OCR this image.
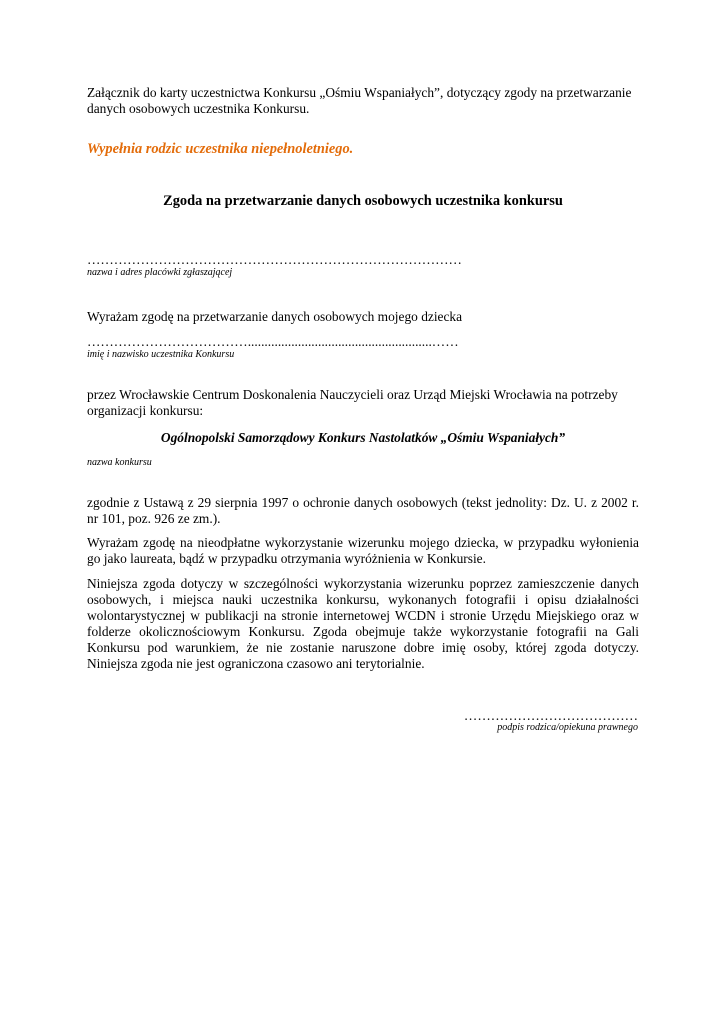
Załącznik do karty uczestnictwa Konkursu „Ośmiu Wspaniałych”, dotyczący zgody na przetwarzanie danych osobowych uczestnika Konkursu.

Wypełnia rodzic uczestnika niepełnoletniego.

Zgoda na przetwarzanie danych osobowych uczestnika konkursu

…………………………………………………………………………
nazwa i adres placówki zgłaszającej

Wyrażam zgodę na przetwarzanie danych osobowych mojego dziecka

……………………………….......................................................……
imię i nazwisko uczestnika Konkursu

przez Wrocławskie Centrum Doskonalenia Nauczycieli oraz Urząd Miejski Wrocławia na potrzeby organizacji konkursu:

Ogólnopolski Samorządowy Konkurs Nastolatków „Ośmiu Wspaniałych”

nazwa konkursu

zgodnie z Ustawą z 29 sierpnia 1997 o ochronie danych osobowych (tekst jednolity: Dz. U. z 2002 r. nr 101, poz. 926 ze zm.).

Wyrażam zgodę na nieodpłatne wykorzystanie wizerunku mojego dziecka, w przypadku wyłonienia go jako laureata, bądź w przypadku otrzymania wyróżnienia w Konkursie.

Niniejsza zgoda dotyczy w szczególności wykorzystania wizerunku poprzez zamieszczenie danych osobowych, i miejsca nauki uczestnika konkursu, wykonanych fotografii i opisu działalności wolontarystycznej w publikacji na stronie internetowej WCDN i stronie Urzędu Miejskiego oraz w folderze okolicznościowym Konkursu. Zgoda obejmuje także wykorzystanie fotografii na Gali Konkursu pod warunkiem, że nie zostanie naruszone dobre imię osoby, której zgoda dotyczy. Niniejsza zgoda nie jest ograniczona czasowo ani terytorialnie.

…………………………………
podpis rodzica/opiekuna prawnego
